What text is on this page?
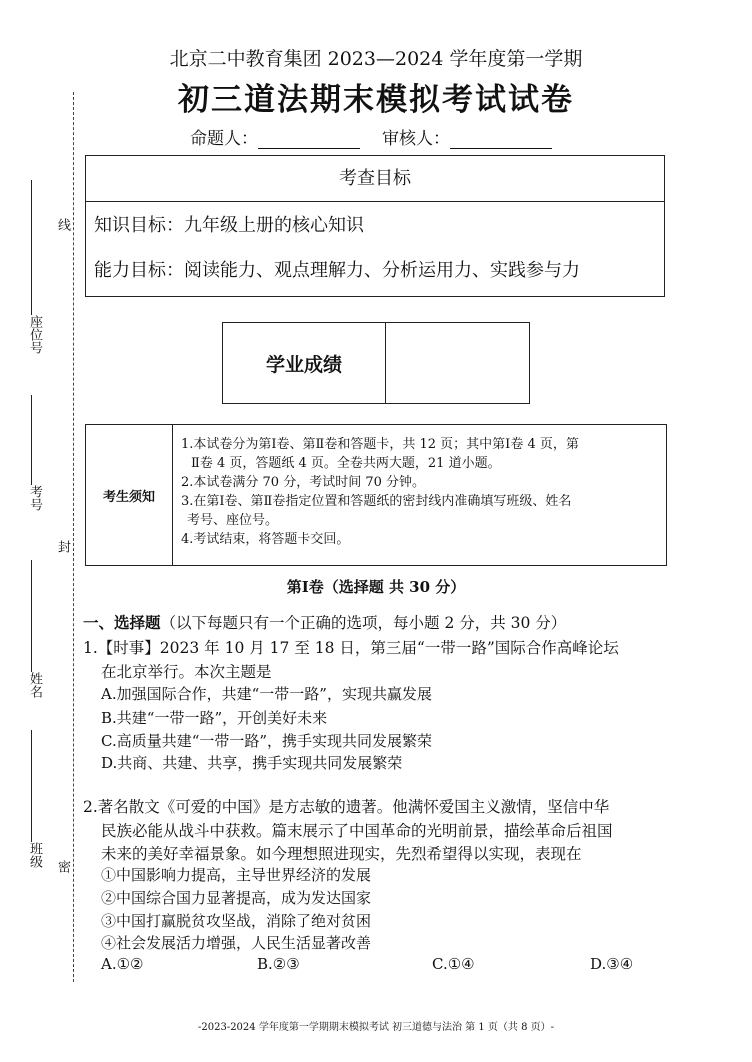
线
封
密
座位号
考号
姓名
班级
北京二中教育集团 2023—2024 学年度第一学期
初三道法期末模拟考试试卷
命题人：	审核人：
考查目标
知识目标：九年级上册的核心知识
能力目标：阅读能力、观点理解力、分析运用力、实践参与力
学业成绩
考生须知
1.本试卷分为第Ⅰ卷、第Ⅱ卷和答题卡，共 12 页；其中第Ⅰ卷 4 页，第
Ⅱ卷 4 页，答题纸 4 页。全卷共两大题，21 道小题。
2.本试卷满分 70 分，考试时间 70 分钟。
3.在第Ⅰ卷、第Ⅱ卷指定位置和答题纸的密封线内准确填写班级、姓名
考号、座位号。
4.考试结束，将答题卡交回。
第Ⅰ卷（选择题 共 30 分）
一、选择题（以下每题只有一个正确的选项，每小题 2 分，共 30 分）
1.【时事】2023 年 10 月 17 至 18 日，第三届“一带一路”国际合作高峰论坛
在北京举行。本次主题是
A.加强国际合作，共建“一带一路”，实现共赢发展
B.共建“一带一路”，开创美好未来
C.高质量共建“一带一路”，携手实现共同发展繁荣
D.共商、共建、共享，携手实现共同发展繁荣
2.著名散文《可爱的中国》是方志敏的遗著。他满怀爱国主义激情，坚信中华
民族必能从战斗中获救。篇末展示了中国革命的光明前景，描绘革命后祖国
未来的美好幸福景象。如今理想照进现实，先烈希望得以实现，表现在
①中国影响力提高，主导世界经济的发展
②中国综合国力显著提高，成为发达国家
③中国打赢脱贫攻坚战，消除了绝对贫困
④社会发展活力增强，人民生活显著改善
A.①②	B.②③	C.①④	D.③④
-2023-2024 学年度第一学期期末模拟考试 初三道德与法治 第 1 页（共 8 页）-
